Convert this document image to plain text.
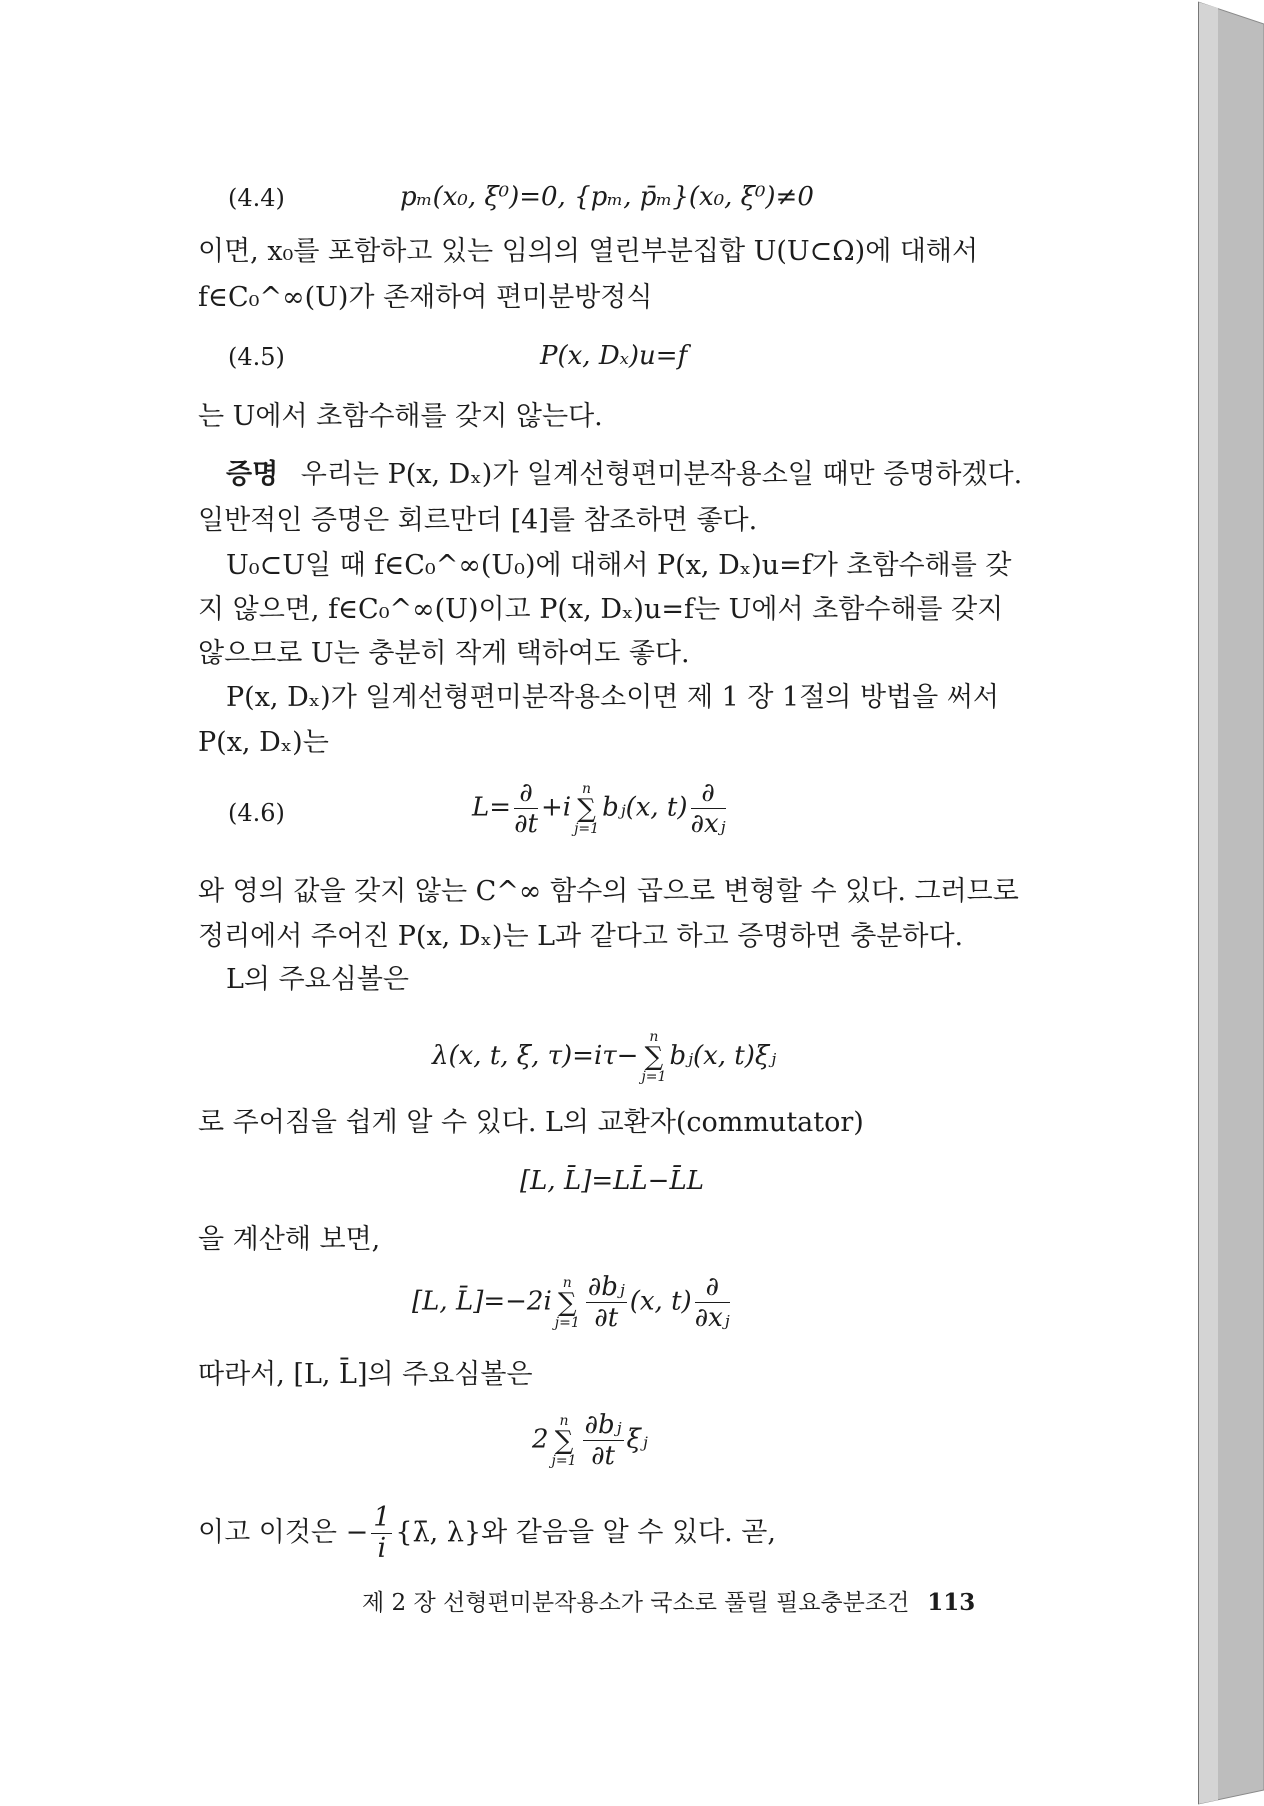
(4.4)	pₘ(x₀, ξ⁰)=0, {pₘ, p̄ₘ}(x₀, ξ⁰)≠0
이면, x₀를 포함하고 있는 임의의 열린부분집합 U(U⊂Ω)에 대해서
f∈C₀^∞(U)가 존재하여 편미분방정식
(4.5)	P(x, Dₓ)u=f
는 U에서 초함수해를 갖지 않는다.
증명 우리는 P(x, Dₓ)가 일계선형편미분작용소일 때만 증명하겠다.
일반적인 증명은 회르만더 [4]를 참조하면 좋다.
U₀⊂U일 때 f∈C₀^∞(U₀)에 대해서 P(x, Dₓ)u=f가 초함수해를 갖
지 않으면, f∈C₀^∞(U)이고 P(x, Dₓ)u=f는 U에서 초함수해를 갖지
않으므로 U는 충분히 작게 택하여도 좋다.
P(x, Dₓ)가 일계선형편미분작용소이면 제 1 장 1절의 방법을 써서
P(x, Dₓ)는
(4.6)	$L= \frac{\partial}{\partial t} +i$
n
∑
j=1
bⱼ(x, $t) \frac{\partial}{\text{∂xⱼ}}$
와 영의 값을 갖지 않는 C^∞ 함수의 곱으로 변형할 수 있다. 그러므로
정리에서 주어진 P(x, Dₓ)는 L과 같다고 하고 증명하면 충분하다.
L의 주요심볼은
λ(x, t, ξ, τ)=iτ−
n
∑
j=1
bⱼ(x, t)ξⱼ
로 주어짐을 쉽게 알 수 있다. L의 교환자(commutator)
[L, L̄]=LL̄−L̄L
을 계산해 보면,
[L, L̄]=−2i
n
∑
$j=1 \frac{\text{∂bⱼ}}{\partial t} (x$, $t) \frac{\partial}{\text{∂xⱼ}}$
따라서, [L, L̄]의 주요심볼은
2
n
∑
$j=1 \frac{\text{∂bⱼ}}{\partial t}$ ξⱼ
이고 이것은 − $\frac{1}{i}$ {λ̄, λ}와 같음을 알 수 있다. 곧,
제 2 장 선형편미분작용소가 국소로 풀릴 필요충분조건 113
